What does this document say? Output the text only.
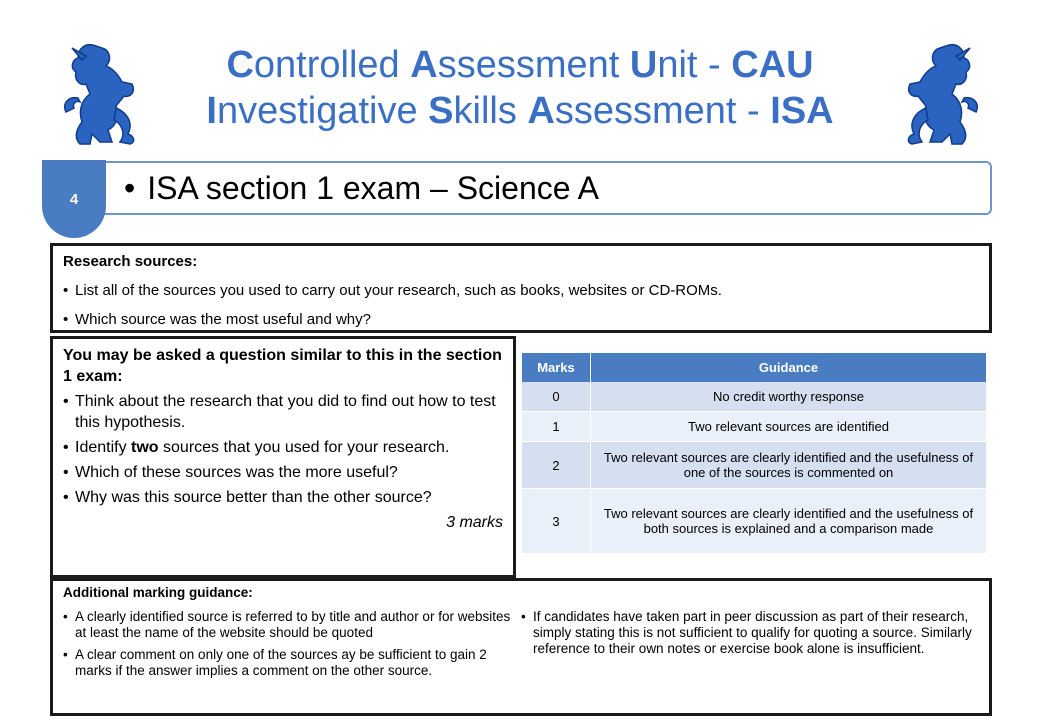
Controlled Assessment Unit - CAU
Investigative Skills Assessment - ISA
• ISA section 1 exam – Science A
4
Research sources:
• List all of the sources you used to carry out your research, such as books, websites or CD-ROMs.
• Which source was the most useful and why?
You may be asked a question similar to this in the section 1 exam:
• Think about the research that you did to find out how to test this hypothesis.
• Identify two sources that you used for your research.
• Which of these sources was the more useful?
• Why was this source better than the other source?
3 marks
Marks	Guidance
0	No credit worthy response
1	Two relevant sources are identified
2	Two relevant sources are clearly identified and the usefulness of one of the sources is commented on
3	Two relevant sources are clearly identified and the usefulness of both sources is explained and a comparison made
Additional marking guidance:
• A clearly identified source is referred to by title and author or for websites at least the name of the website should be quoted
• A clear comment on only one of the sources ay be sufficient to gain 2 marks if the answer implies a comment on the other source.
• If candidates have taken part in peer discussion as part of their research, simply stating this is not sufficient to qualify for quoting a source. Similarly reference to their own notes or exercise book alone is insufficient.
